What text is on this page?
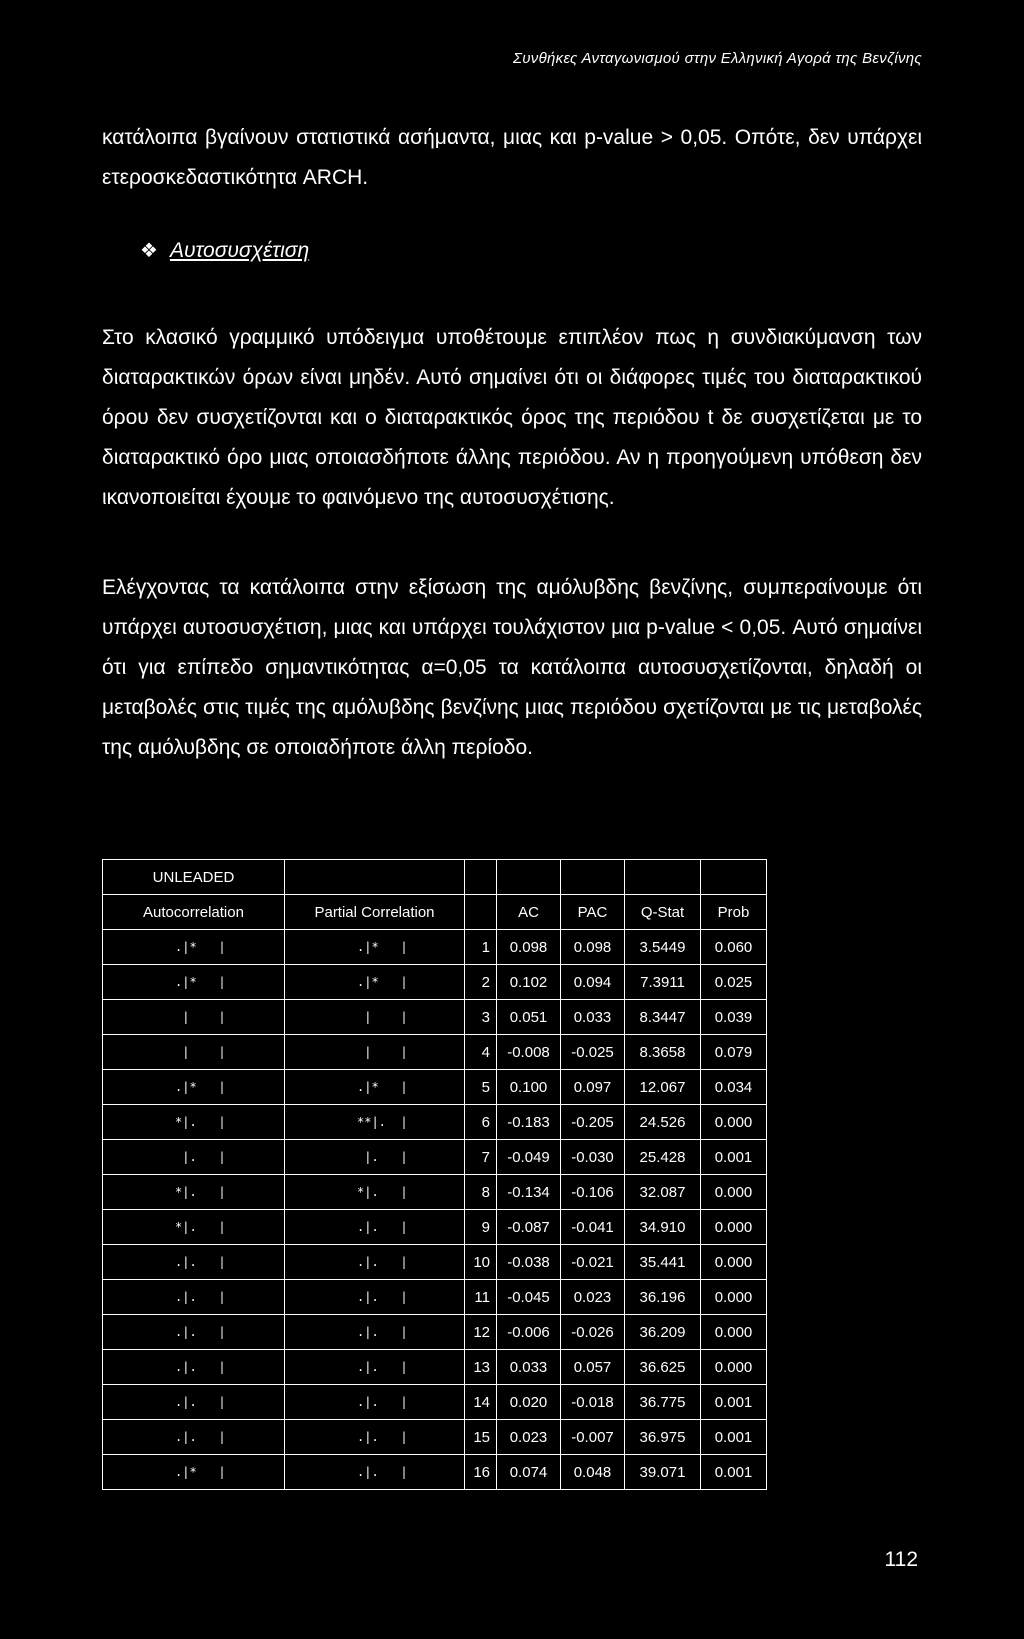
Συνθήκες Ανταγωνισμού στην Ελληνική Αγορά της Βενζίνης

κατάλοιπα βγαίνουν στατιστικά ασήμαντα, μιας και p-value > 0,05. Οπότε, δεν υπάρχει ετεροσκεδαστικότητα ARCH.

❖ Αυτοσυσχέτιση

Στο κλασικό γραμμικό υπόδειγμα υποθέτουμε επιπλέον πως η συνδιακύμανση των διαταρακτικών όρων είναι μηδέν. Αυτό σημαίνει ότι οι διάφορες τιμές του διαταρακτικού όρου δεν συσχετίζονται και ο διαταρακτικός όρος της περιόδου t δε συσχετίζεται με το διαταρακτικό όρο μιας οποιασδήποτε άλλης περιόδου. Αν η προηγούμενη υπόθεση δεν ικανοποιείται έχουμε το φαινόμενο της αυτοσυσχέτισης.

Ελέγχοντας τα κατάλοιπα στην εξίσωση της αμόλυβδης βενζίνης, συμπεραίνουμε ότι υπάρχει αυτοσυσχέτιση, μιας και υπάρχει τουλάχιστον μια p-value < 0,05. Αυτό σημαίνει ότι για επίπεδο σημαντικότητας α=0,05 τα κατάλοιπα αυτοσυσχετίζονται, δηλαδή οι μεταβολές στις τιμές της αμόλυβδης βενζίνης μιας περιόδου σχετίζονται με τις μεταβολές της αμόλυβδης σε οποιαδήποτε άλλη περίοδο.

UNLEADED						
Autocorrelation	Partial Correlation		AC	PAC	Q-Stat	Prob
.|*   |	.|*   |	1	0.098	0.098	3.5449	0.060
.|*   |	.|*   |	2	0.102	0.094	7.3911	0.025
|    |	|    |	3	0.051	0.033	8.3447	0.039
|    |	|    |	4	-0.008	-0.025	8.3658	0.079
.|*   |	.|*   |	5	0.100	0.097	12.067	0.034
*|.   |	**|.  |	6	-0.183	-0.205	24.526	0.000
|.   |	|.   |	7	-0.049	-0.030	25.428	0.001
*|.   |	*|.   |	8	-0.134	-0.106	32.087	0.000
*|.   |	.|.   |	9	-0.087	-0.041	34.910	0.000
.|.   |	.|.   |	10	-0.038	-0.021	35.441	0.000
.|.   |	.|.   |	11	-0.045	0.023	36.196	0.000
.|.   |	.|.   |	12	-0.006	-0.026	36.209	0.000
.|.   |	.|.   |	13	0.033	0.057	36.625	0.000
.|.   |	.|.   |	14	0.020	-0.018	36.775	0.001
.|.   |	.|.   |	15	0.023	-0.007	36.975	0.001
.|*   |	.|.   |	16	0.074	0.048	39.071	0.001
112
